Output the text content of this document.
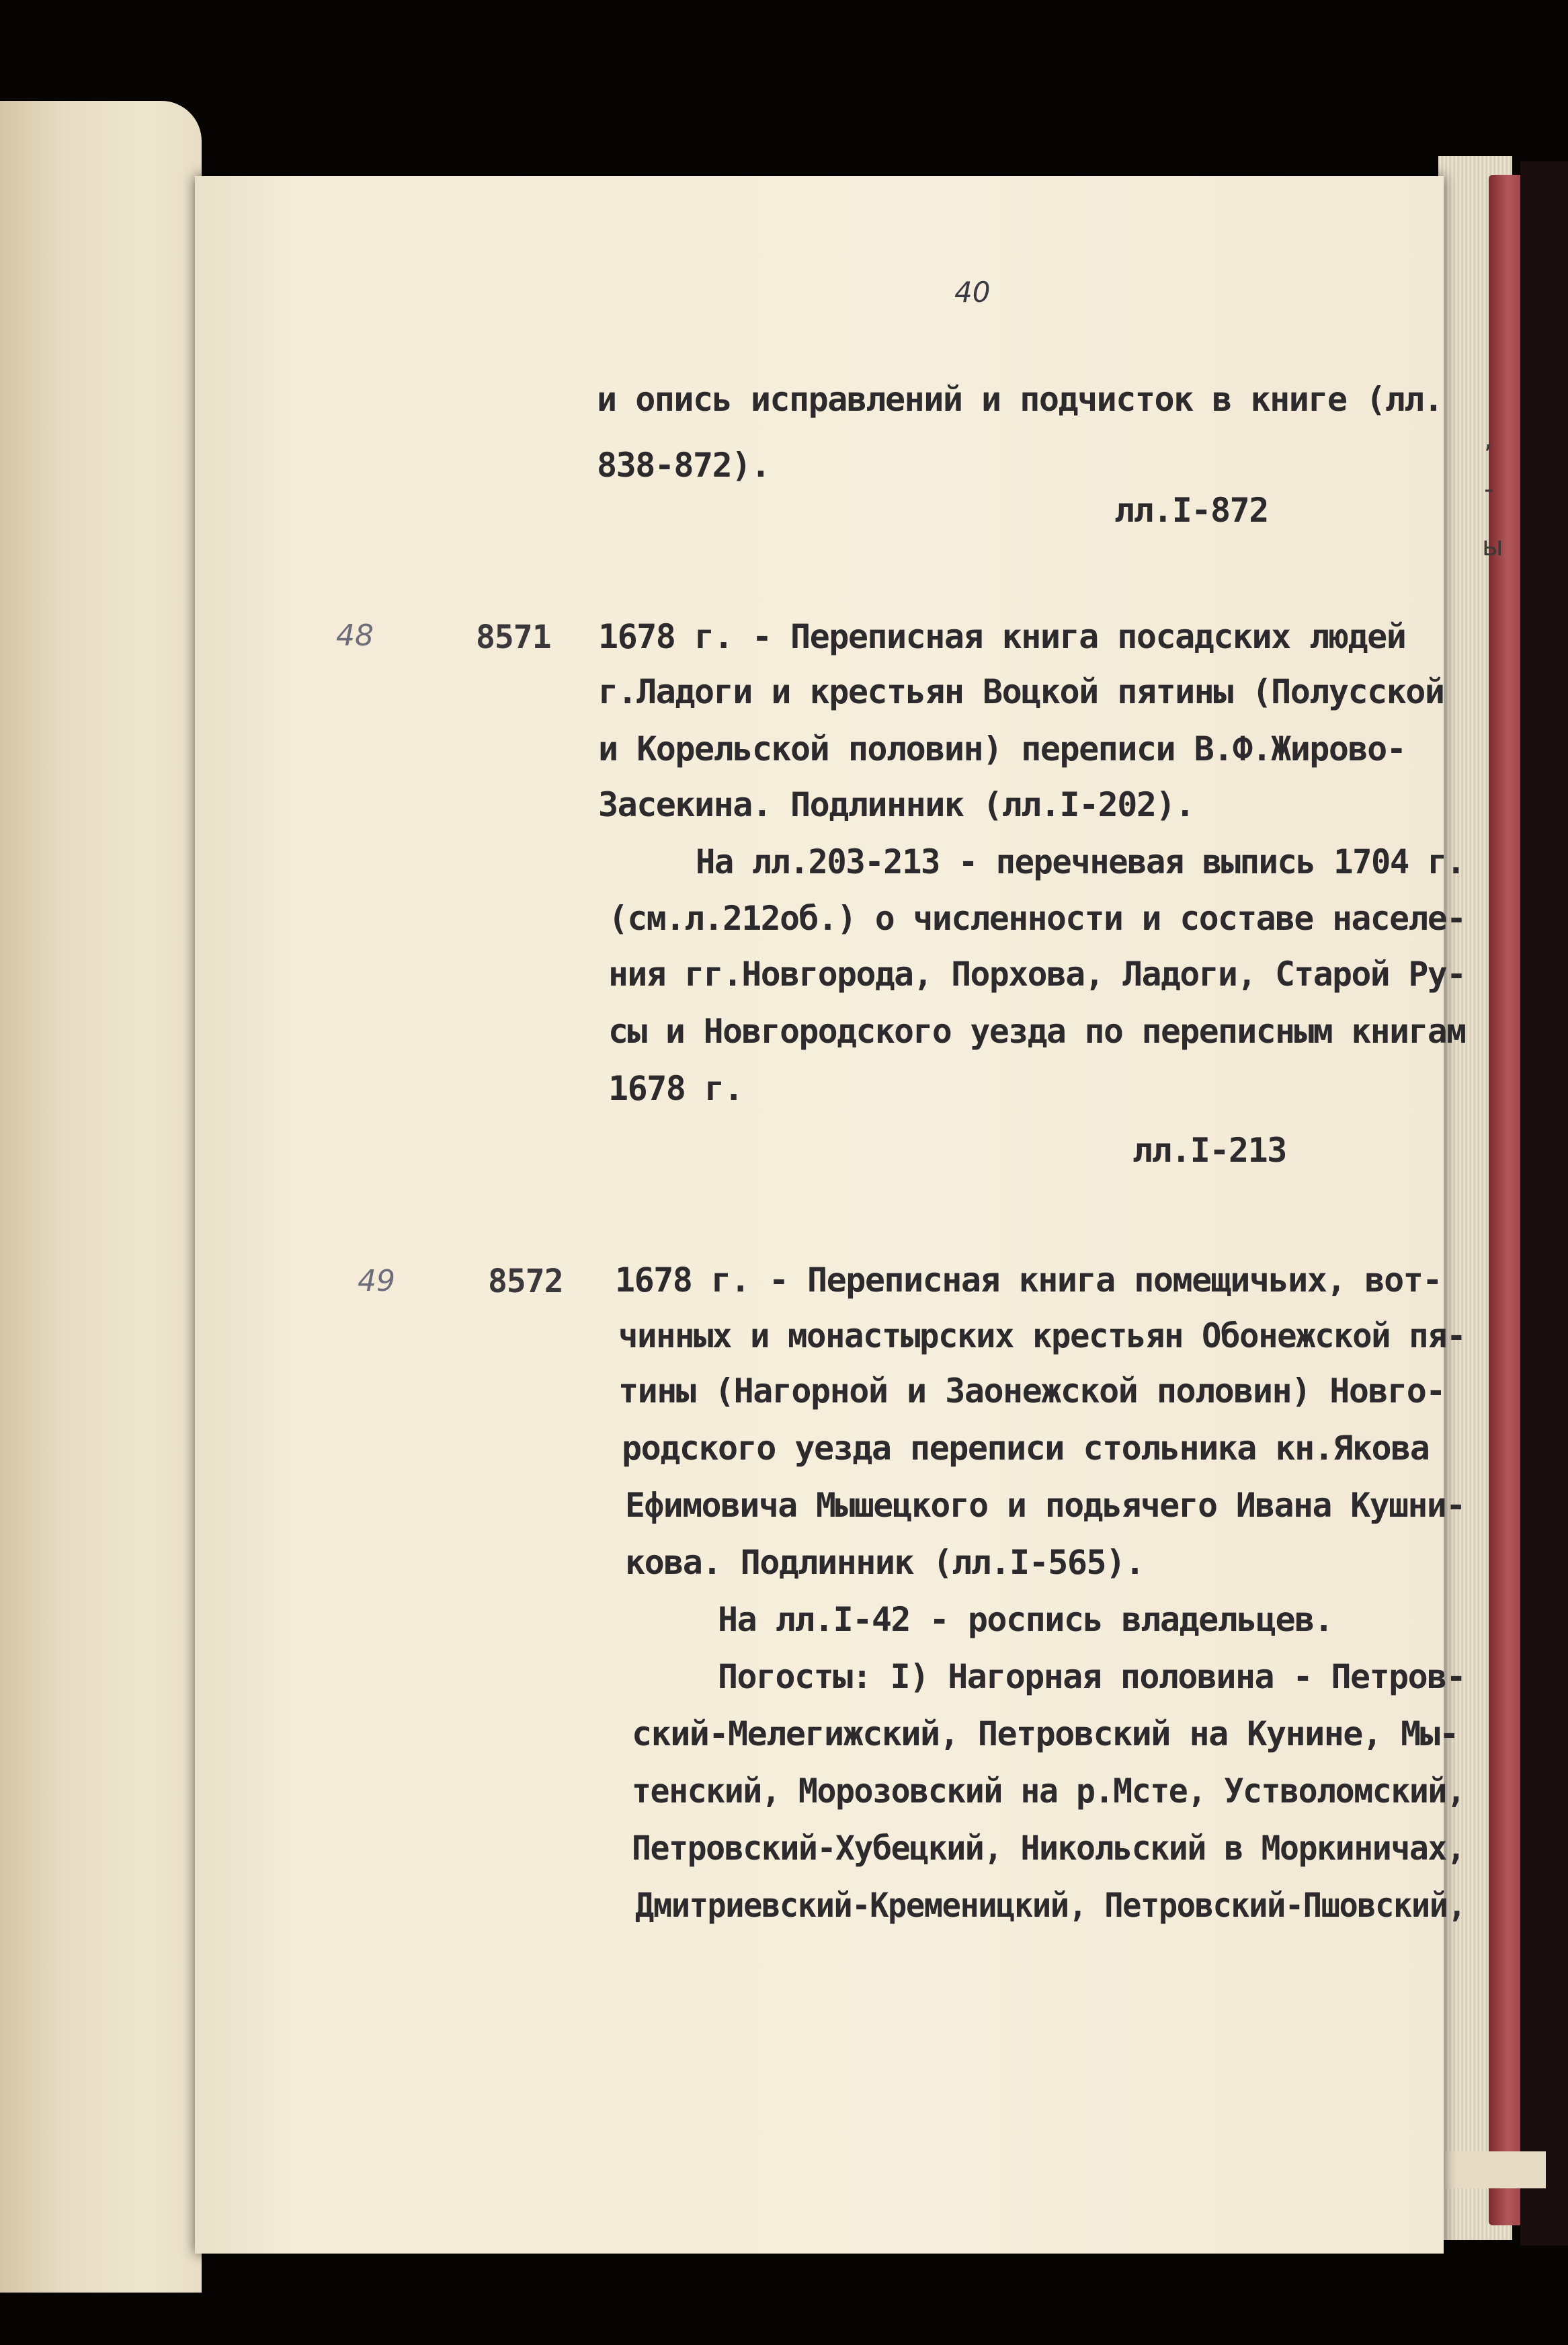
40
и опись исправлений и подчисток в книге (лл.
838-872).
лл.I-872
48	8571 1678 г. - Переписная книга посадских людей
г.Ладоги и крестьян Воцкой пятины (Полусской
и Корельской половин) переписи В.Ф.Жирово-
Засекина. Подлинник (лл.I-202).
На лл.203-213 - перечневая выпись 1704 г.
(см.л.212об.) о численности и составе населе-
ния гг.Новгорода, Порхова, Ладоги, Старой Ру-
сы и Новгородского уезда по переписным книгам
1678 г.
лл.I-213
49	8572 1678 г. - Переписная книга помещичьих, вот-
чинных и монастырских крестьян Обонежской пя-
тины (Нагорной и Заонежской половин) Новго-
родского уезда переписи стольника кн.Якова
Ефимовича Мышецкого и подьячего Ивана Кушни-
кова. Подлинник (лл.I-565).
На лл.I-42 - роспись владельцев.
Погосты: I) Нагорная половина - Петров-
ский-Мелегижский, Петровский на Кунине, Мы-
тенский, Морозовский на р.Мсте, Устволомский,
Петровский-Хубецкий, Никольский в Моркиничах,
Дмитриевский-Кременицкий, Петровский-Пшовский,
,
-
ы
